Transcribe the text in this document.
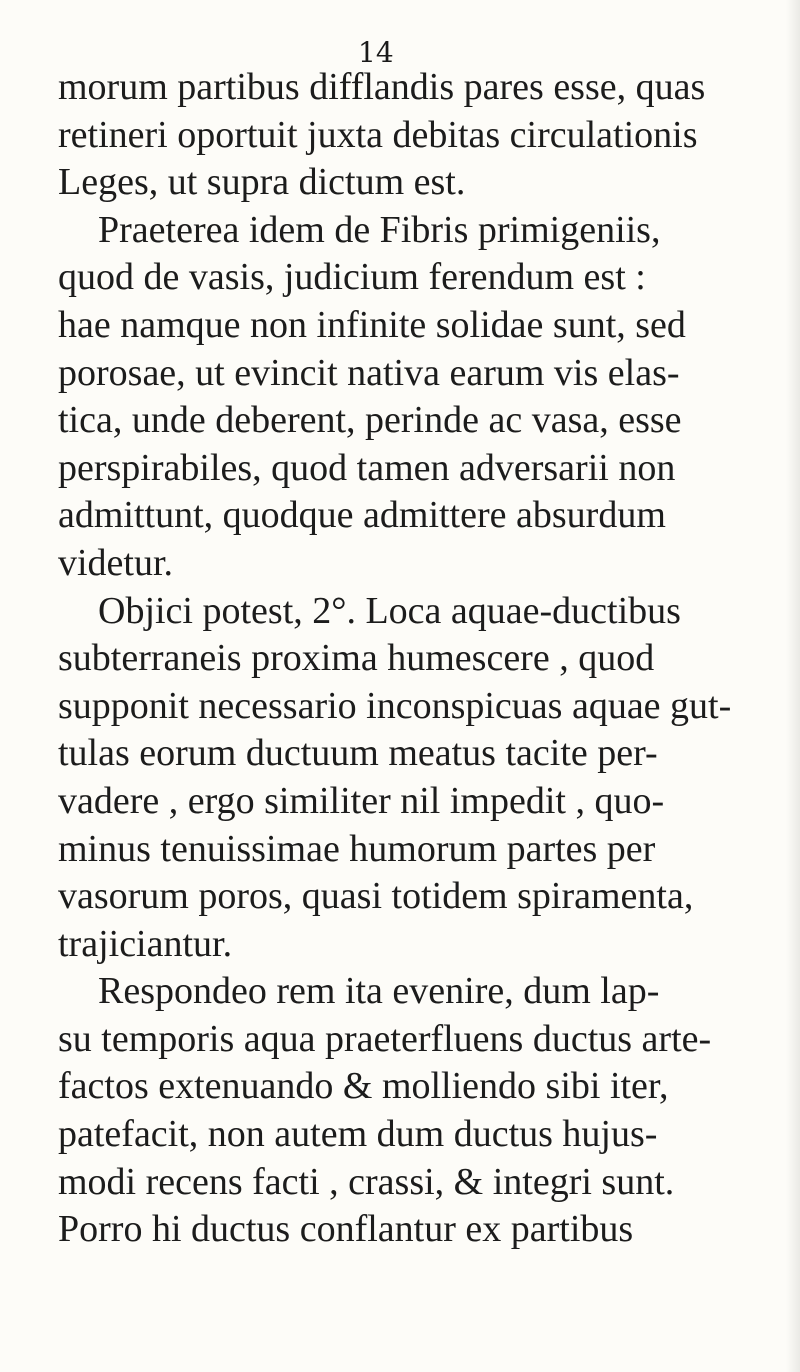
14
morum partibus difflandis pares esse, quas
retineri oportuit juxta debitas circulationis
Leges, ut supra dictum est.
Praeterea idem de Fibris primigeniis,
quod de vasis, judicium ferendum est :
hae namque non infinite solidae sunt, sed
porosae, ut evincit nativa earum vis elas-
tica, unde deberent, perinde ac vasa, esse
perspirabiles, quod tamen adversarii non
admittunt, quodque admittere absurdum
videtur.
Objici potest, 2°. Loca aquae-ductibus
subterraneis proxima humescere , quod
supponit necessario inconspicuas aquae gut-
tulas eorum ductuum meatus tacite per-
vadere , ergo similiter nil impedit , quo-
minus tenuissimae humorum partes per
vasorum poros, quasi totidem spiramenta,
trajiciantur.
Respondeo rem ita evenire, dum lap-
su temporis aqua praeterfluens ductus arte-
factos extenuando & molliendo sibi iter,
patefacit, non autem dum ductus hujus-
modi recens facti , crassi, & integri sunt.
Porro hi ductus conflantur ex partibus
